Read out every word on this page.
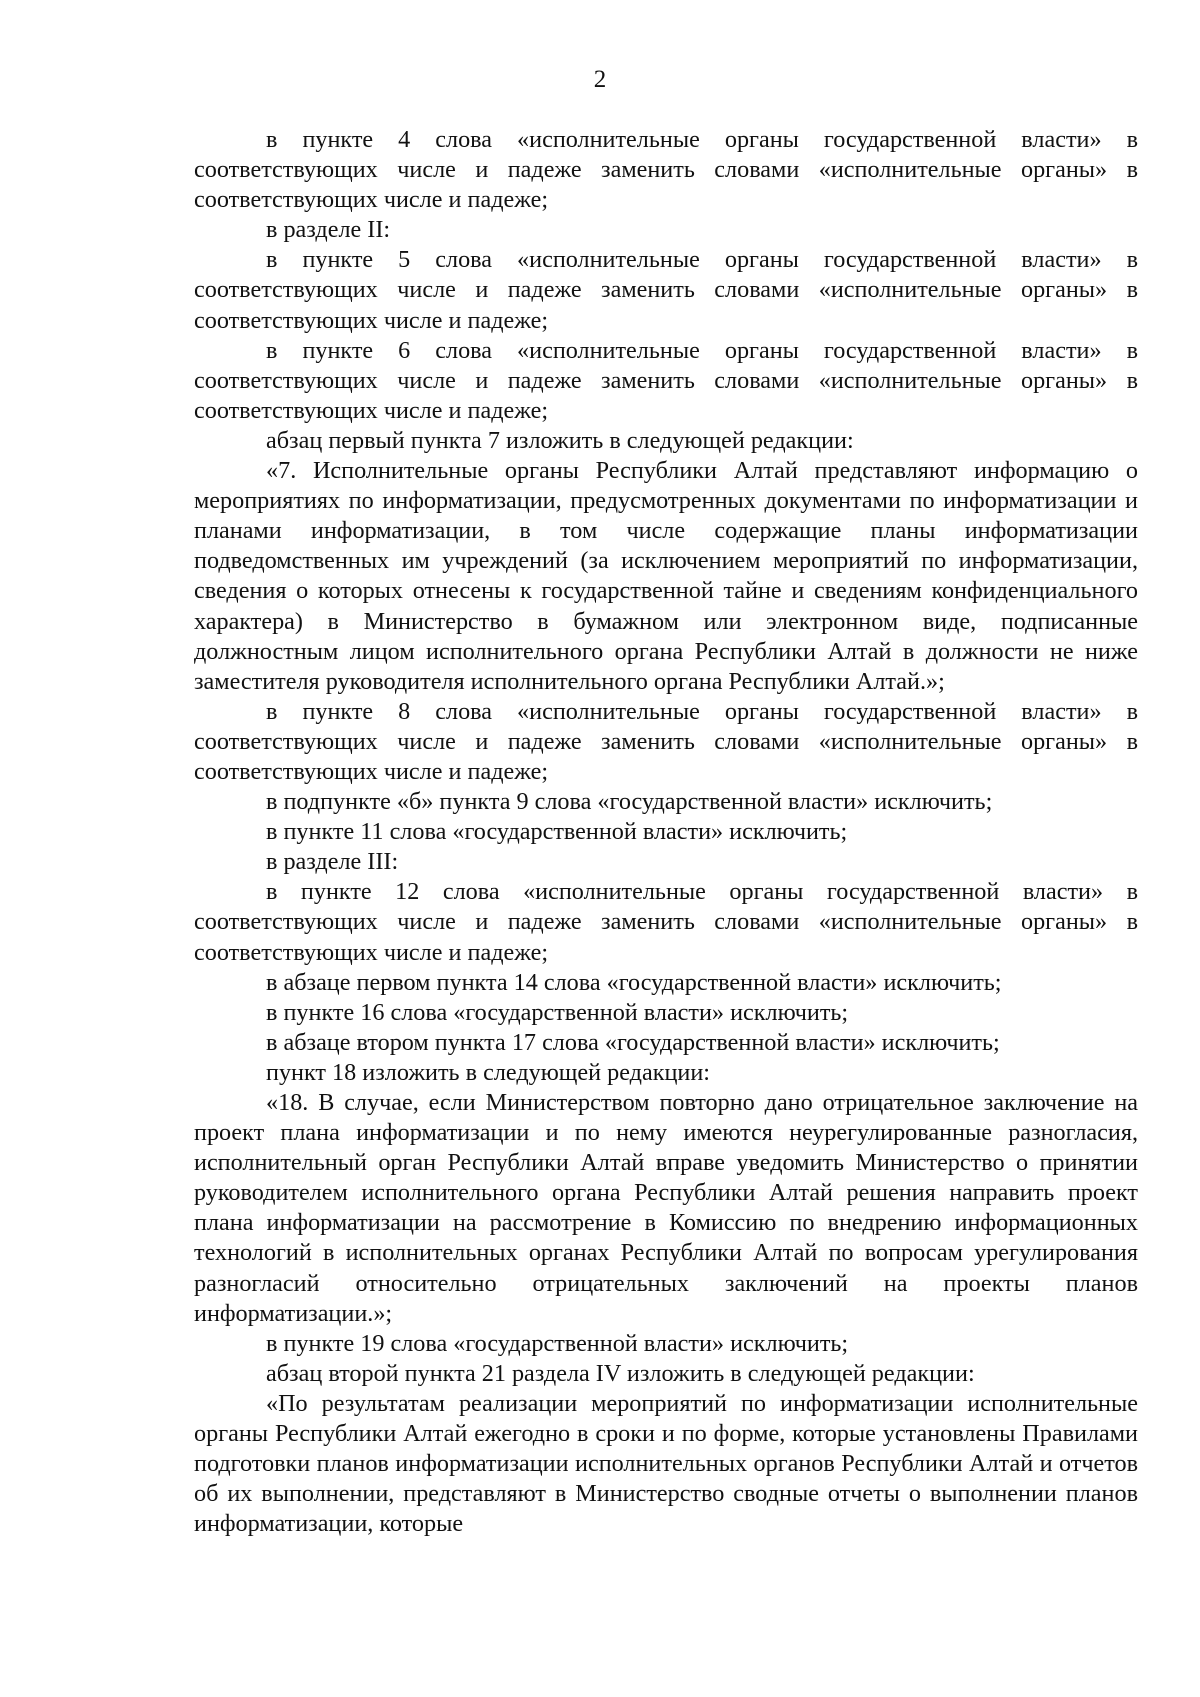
2

в пункте 4 слова «исполнительные органы государственной власти» в соответствующих числе и падеже заменить словами «исполнительные органы» в соответствующих числе и падеже;

в разделе II:

в пункте 5 слова «исполнительные органы государственной власти» в соответствующих числе и падеже заменить словами «исполнительные органы» в соответствующих числе и падеже;

в пункте 6 слова «исполнительные органы государственной власти» в соответствующих числе и падеже заменить словами «исполнительные органы» в соответствующих числе и падеже;

абзац первый пункта 7 изложить в следующей редакции:

«7. Исполнительные органы Республики Алтай представляют информацию о мероприятиях по информатизации, предусмотренных документами по информатизации и планами информатизации, в том числе содержащие планы информатизации подведомственных им учреждений (за исключением мероприятий по информатизации, сведения о которых отнесены к государственной тайне и сведениям конфиденциального характера) в Министерство в бумажном или электронном виде, подписанные должностным лицом исполнительного органа Республики Алтай в должности не ниже заместителя руководителя исполнительного органа Республики Алтай.»;

в пункте 8 слова «исполнительные органы государственной власти» в соответствующих числе и падеже заменить словами «исполнительные органы» в соответствующих числе и падеже;

в подпункте «б» пункта 9 слова «государственной власти» исключить;

в пункте 11 слова «государственной власти» исключить;

в разделе III:

в пункте 12 слова «исполнительные органы государственной власти» в соответствующих числе и падеже заменить словами «исполнительные органы» в соответствующих числе и падеже;

в абзаце первом пункта 14 слова «государственной власти» исключить;

в пункте 16 слова «государственной власти» исключить;

в абзаце втором пункта 17 слова «государственной власти» исключить;

пункт 18 изложить в следующей редакции:

«18. В случае, если Министерством повторно дано отрицательное заключение на проект плана информатизации и по нему имеются неурегулированные разногласия, исполнительный орган Республики Алтай вправе уведомить Министерство о принятии руководителем исполнительного органа Республики Алтай решения направить проект плана информатизации на рассмотрение в Комиссию по внедрению информационных технологий в исполнительных органах Республики Алтай по вопросам урегулирования разногласий относительно отрицательных заключений на проекты планов информатизации.»;

в пункте 19 слова «государственной власти» исключить;

абзац второй пункта 21 раздела IV изложить в следующей редакции:

«По результатам реализации мероприятий по информатизации исполнительные органы Республики Алтай ежегодно в сроки и по форме, которые установлены Правилами подготовки планов информатизации исполнительных органов Республики Алтай и отчетов об их выполнении, представляют в Министерство сводные отчеты о выполнении планов информатизации, которые
